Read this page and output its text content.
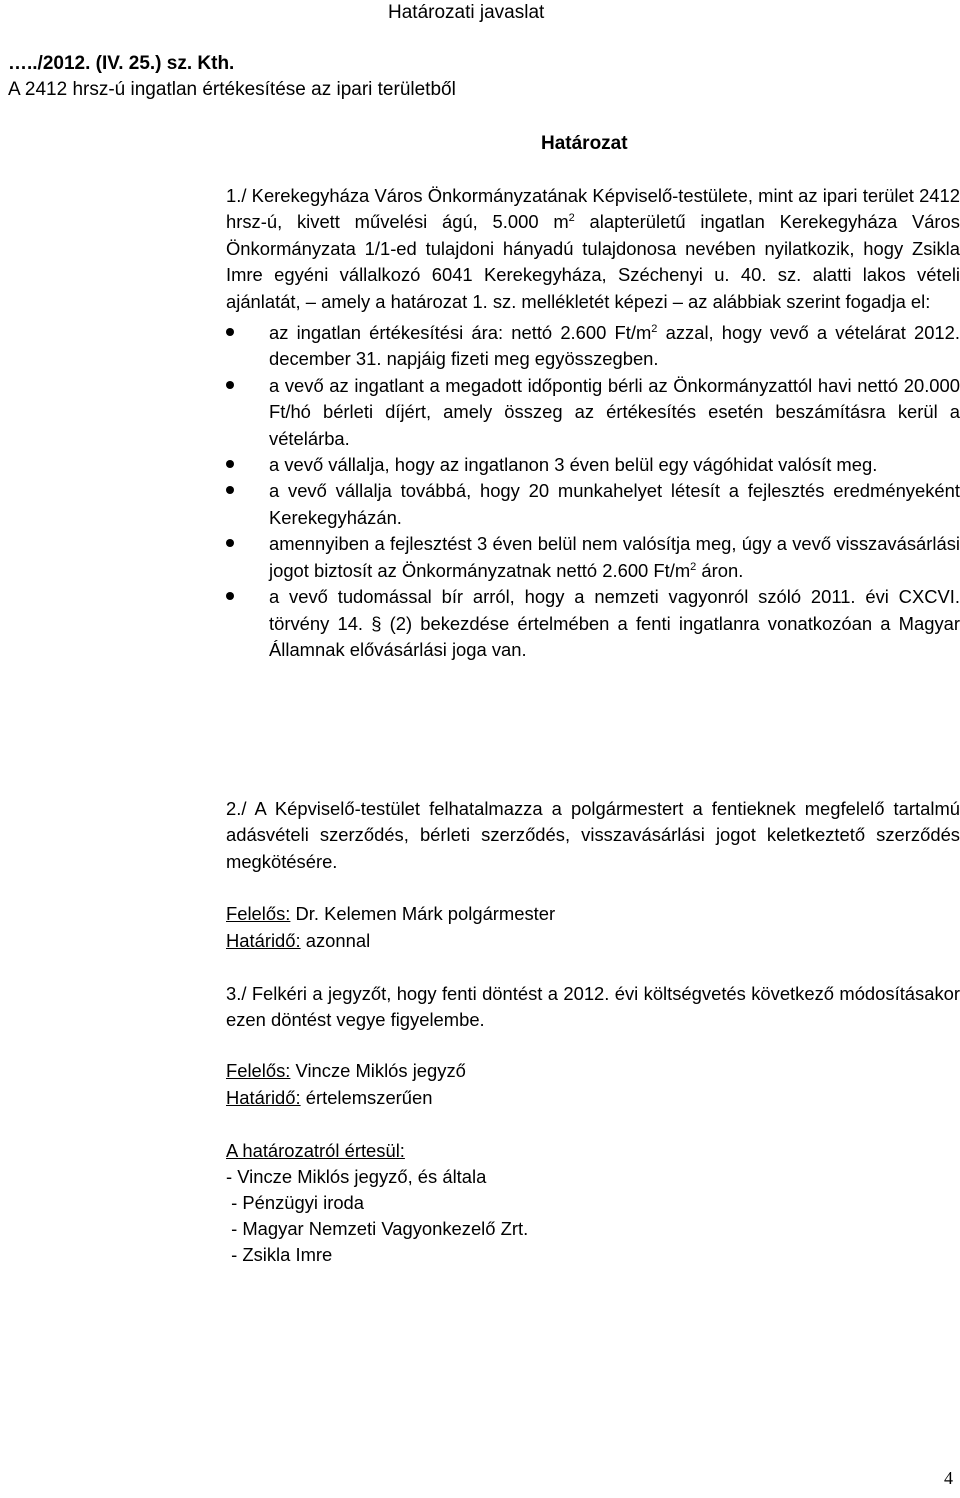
Határozati javaslat
…../2012. (IV. 25.) sz. Kth.
A 2412 hrsz-ú ingatlan értékesítése az ipari területből
Határozat

1./ Kerekegyháza Város Önkormányzatának Képviselő-testülete, mint az ipari terület 2412 hrsz-ú, kivett művelési ágú, 5.000 $m^2$ alapterületű ingatlan Kerekegyháza Város Önkormányzata 1/1-ed tulajdoni hányadú tulajdonosa nevében nyilatkozik, hogy Zsikla Imre egyéni vállalkozó 6041 Kerekegyháza, Széchenyi u. 40. sz. alatti lakos vételi ajánlatát, – amely a határozat 1. sz. mellékletét képezi – az alábbiak szerint fogadja el:

az ingatlan értékesítési ára: nettó 2.600 $Ft/m^2$ azzal, hogy vevő a vételárat 2012. december 31. napjáig fizeti meg egyösszegben.
a vevő az ingatlant a megadott időpontig bérli az Önkormányzattól havi nettó 20.000 Ft/hó bérleti díjért, amely összeg az értékesítés esetén beszámításra kerül a vételárba.
a vevő vállalja, hogy az ingatlanon 3 éven belül egy vágóhidat valósít meg.
a vevő vállalja továbbá, hogy 20 munkahelyet létesít a fejlesztés eredményeként Kerekegyházán.
amennyiben a fejlesztést 3 éven belül nem valósítja meg, úgy a vevő visszavásárlási jogot biztosít az Önkormányzatnak nettó 2.600 $Ft/m^2$ áron.
a vevő tudomással bír arról, hogy a nemzeti vagyonról szóló 2011. évi CXCVI. törvény 14. § (2) bekezdése értelmében a fenti ingatlanra vonatkozóan a Magyar Államnak elővásárlási joga van.

2./ A Képviselő-testület felhatalmazza a polgármestert a fentieknek megfelelő tartalmú adásvételi szerződés, bérleti szerződés, visszavásárlási jogot keletkeztető szerződés megkötésére.

Felelős: Dr. Kelemen Márk polgármester
Határidő: azonnal

3./ Felkéri a jegyzőt, hogy fenti döntést a 2012. évi költségvetés következő módosításakor ezen döntést vegye figyelembe.

Felelős: Vincze Miklós jegyző
Határidő: értelemszerűen
A határozatról értesül:
- Vincze Miklós jegyző, és általa
- Pénzügyi iroda
- Magyar Nemzeti Vagyonkezelő Zrt.
- Zsikla Imre
4
